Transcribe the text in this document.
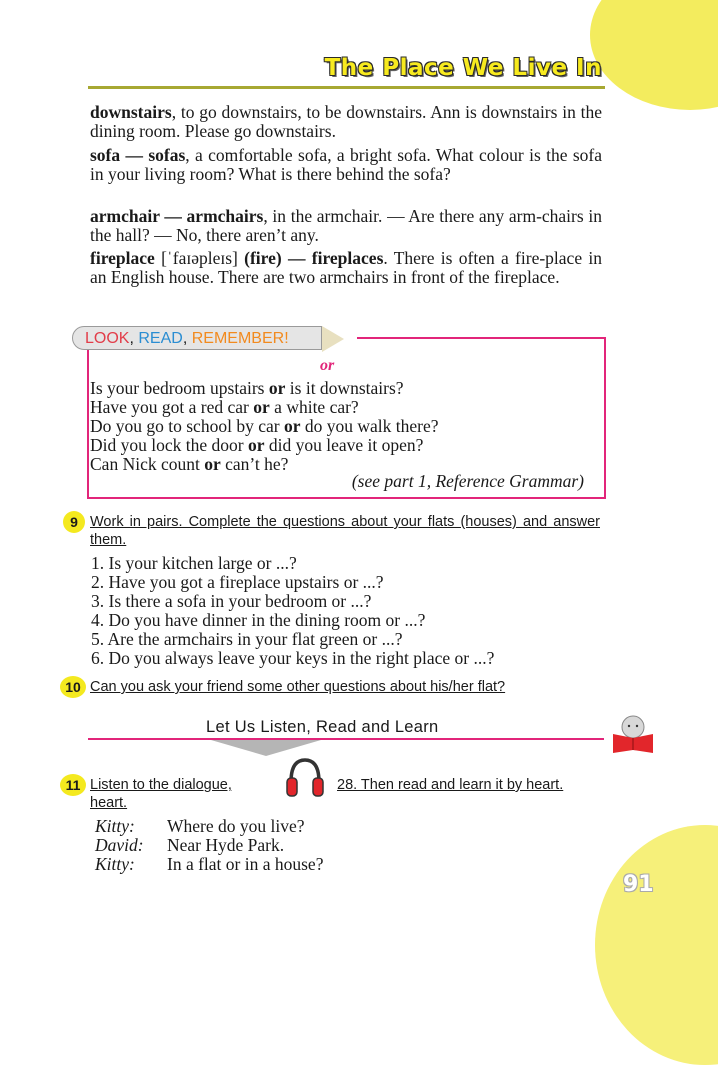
The Place We Live In
downstairs, to go downstairs, to be downstairs. Ann is downstairs in the dining room. Please go downstairs.
sofa — sofas, a comfortable sofa, a bright sofa. What colour is the sofa in your living room? What is there behind the sofa?
armchair — armchairs, in the armchair. — Are there any arm-chairs in the hall? — No, there aren’t any.
fireplace [ˈfaɪəpleɪs] (fire) — fireplaces. There is often a fire-place in an English house. There are two armchairs in front of the fireplace.
LOOK, READ, REMEMBER!
or
Is your bedroom upstairs or is it downstairs?
Have you got a red car or a white car?
Do you go to school by car or do you walk there?
Did you lock the door or did you leave it open?
Can Nick count or can’t he?
(see part 1, Reference Grammar)
9 Work in pairs. Complete the questions about your flats (houses) and answer them.
1. Is your kitchen large or ...?
2. Have you got a fireplace upstairs or ...?
3. Is there a sofa in your bedroom or ...?
4. Do you have dinner in the dining room or ...?
5. Are the armchairs in your flat green or ...?
6. Do you always leave your keys in the right place or ...?
10 Can you ask your friend some other questions about his/her flat?
Let Us Listen, Read and Learn
11 Listen to the dialogue,	28. Then read and learn it by heart.
heart.
Kitty:	Where do you live?
David:	Near Hyde Park.
Kitty:	In a flat or in a house?
91
